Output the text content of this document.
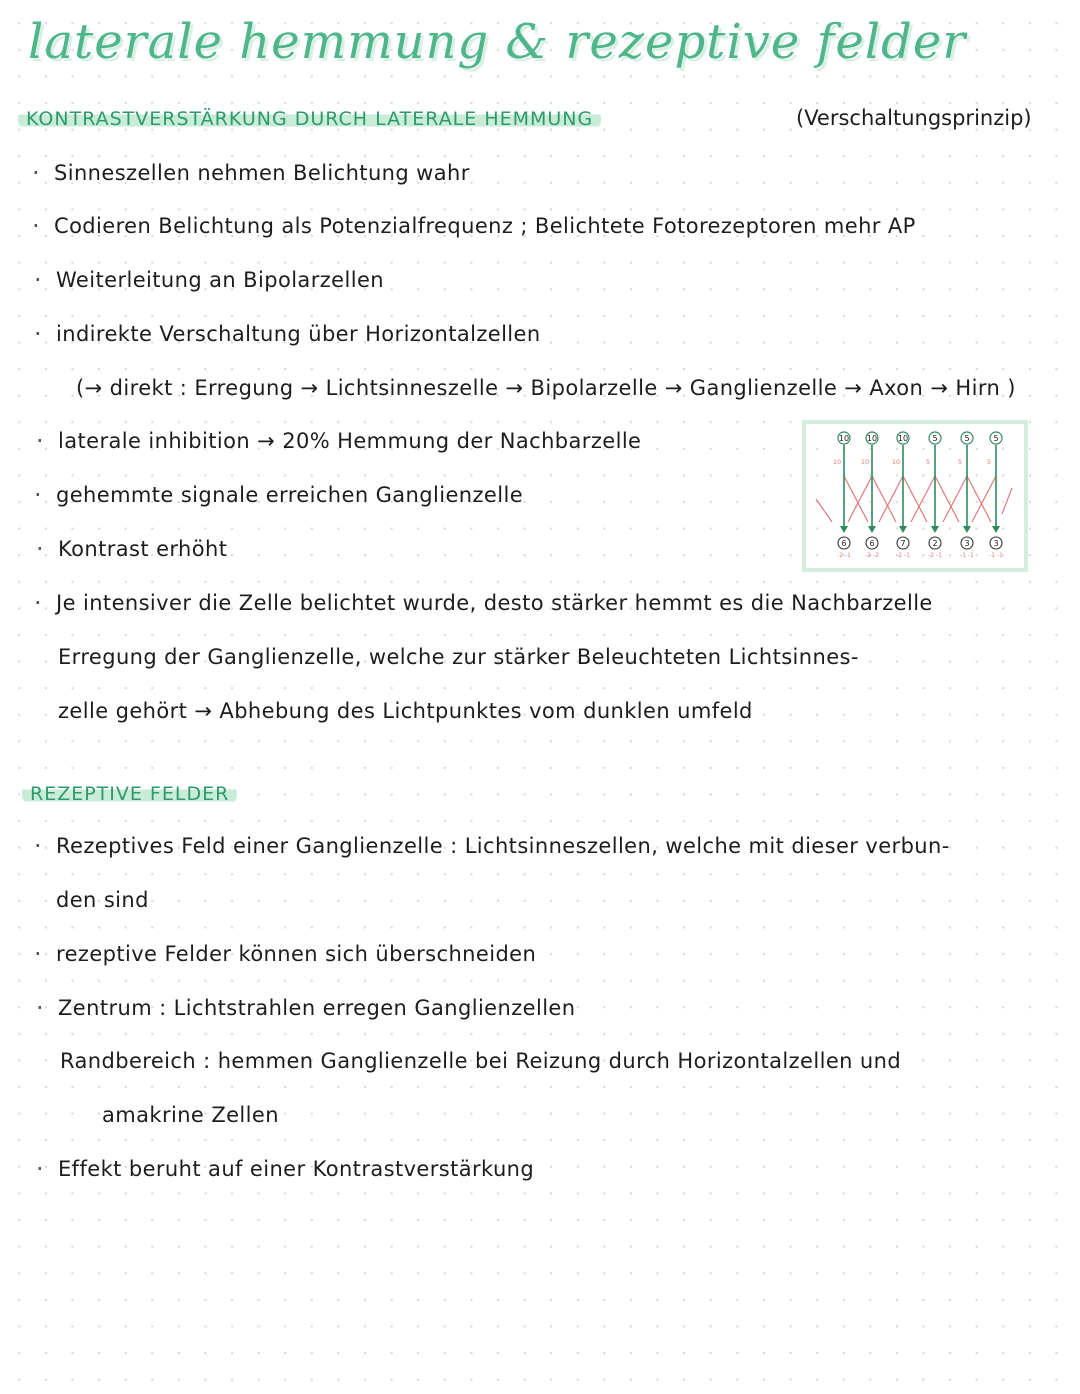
laterale hemmung & rezeptive felder
KONTRASTVERSTÄRKUNG DURCH LATERALE HEMMUNG	(Verschaltungsprinzip)
· Sinneszellen nehmen Belichtung wahr
· Codieren Belichtung als Potenzialfrequenz ; Belichtete Fotorezeptoren mehr AP
· Weiterleitung an Bipolarzellen
· indirekte Verschaltung über Horizontalzellen
(→ direkt : Erregung → Lichtsinneszelle → Bipolarzelle → Ganglienzelle → Axon → Hirn )
· laterale inhibition → 20% Hemmung der Nachbarzelle
· gehemmte signale erreichen Ganglienzelle
· Kontrast erhöht
· Je intensiver die Zelle belichtet wurde, desto stärker hemmt es die Nachbarzelle
Erregung der Ganglienzelle, welche zur stärker Beleuchteten Lichtsinnes-
zelle gehört → Abhebung des Lichtpunktes vom dunklen umfeld
10
10
6
-2 -1
10
10
6
-2 -2
10
10
7
-2 -1
5
5
2
-2 -1
5
5
3
-1 -1
5
5
3
-1 -1
REZEPTIVE FELDER
· Rezeptives Feld einer Ganglienzelle : Lichtsinneszellen, welche mit dieser verbun-
den sind
· rezeptive Felder können sich überschneiden
· Zentrum : Lichtstrahlen erregen Ganglienzellen
Randbereich : hemmen Ganglienzelle bei Reizung durch Horizontalzellen und
amakrine Zellen
· Effekt beruht auf einer Kontrastverstärkung
